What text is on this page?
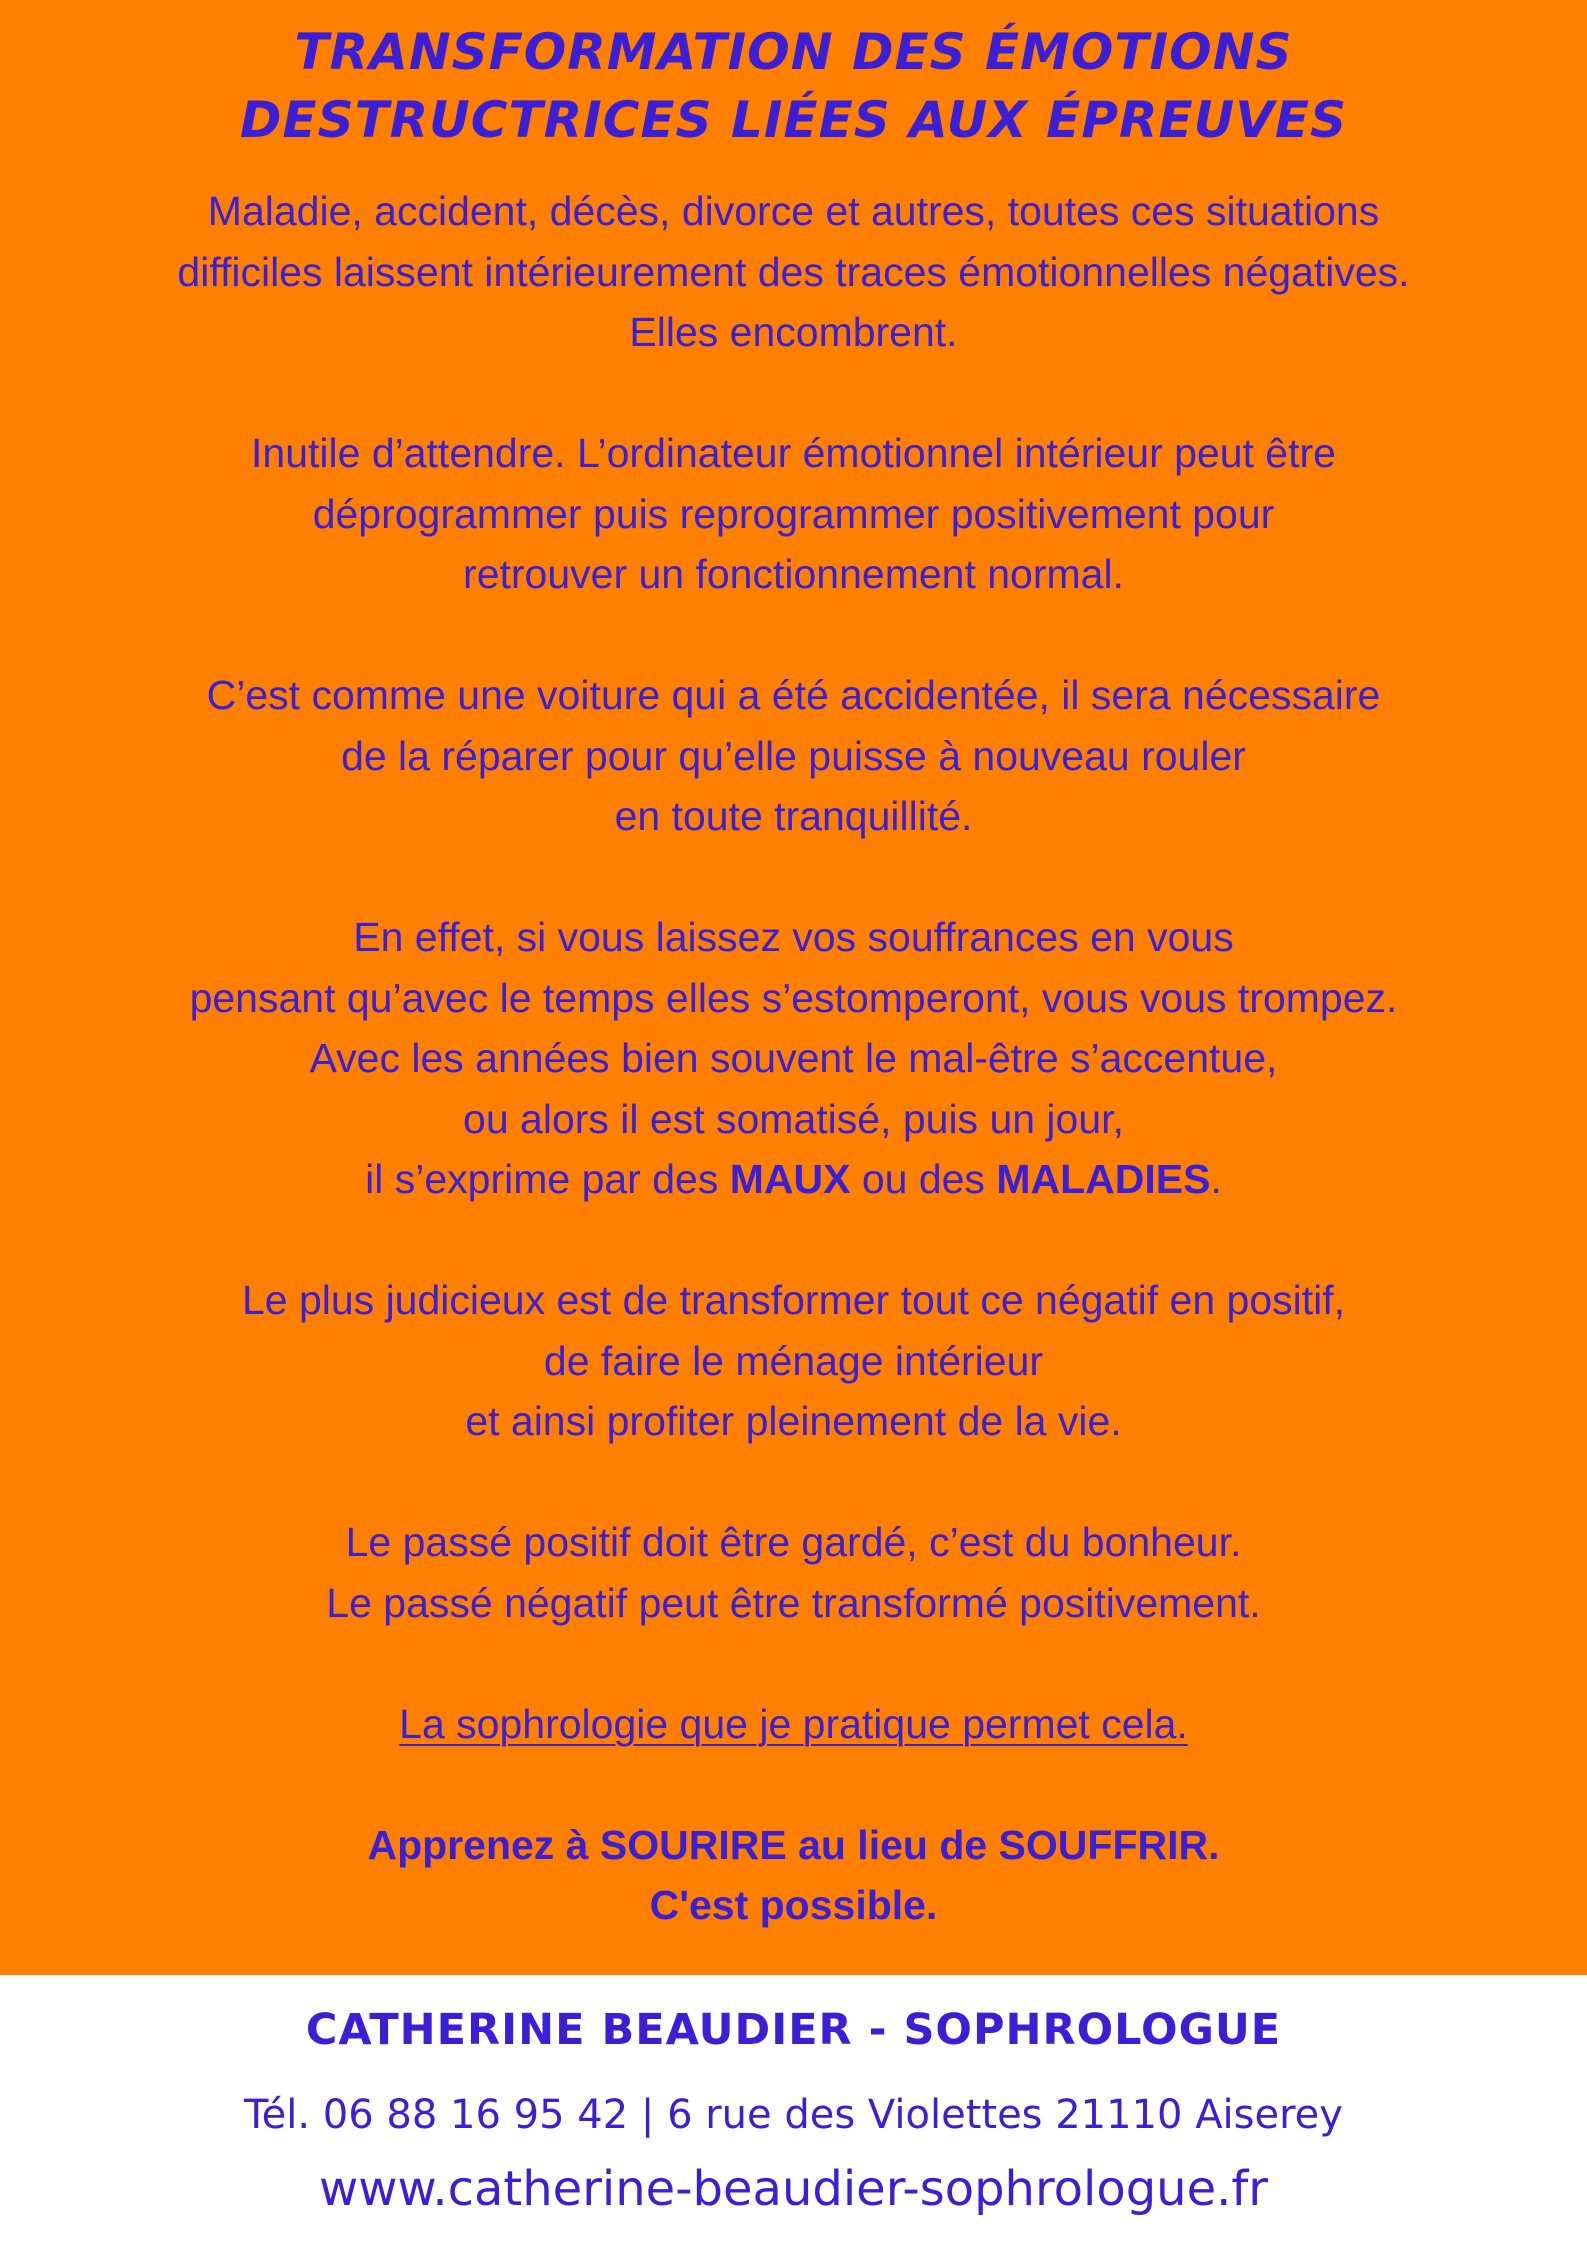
TRANSFORMATION DES ÉMOTIONS
DESTRUCTRICES LIÉES AUX ÉPREUVES
Maladie, accident, décès, divorce et autres, toutes ces situations
difficiles laissent intérieurement des traces émotionnelles négatives.
Elles encombrent.
Inutile d’attendre. L’ordinateur émotionnel intérieur peut être
déprogrammer puis reprogrammer positivement pour
retrouver un fonctionnement normal.
C’est comme une voiture qui a été accidentée, il sera nécessaire
de la réparer pour qu’elle puisse à nouveau rouler
en toute tranquillité.
En effet, si vous laissez vos souffrances en vous
pensant qu’avec le temps elles s’estomperont, vous vous trompez.
Avec les années bien souvent le mal-être s’accentue,
ou alors il est somatisé, puis un jour,
il s’exprime par des MAUX ou des MALADIES.
Le plus judicieux est de transformer tout ce négatif en positif,
de faire le ménage intérieur
et ainsi profiter pleinement de la vie.
Le passé positif doit être gardé, c’est du bonheur.
Le passé négatif peut être transformé positivement.
La sophrologie que je pratique permet cela.
Apprenez à SOURIRE au lieu de SOUFFRIR.
C'est possible.
CATHERINE BEAUDIER - SOPHROLOGUE
Tél. 06 88 16 95 42 | 6 rue des Violettes 21110 Aiserey
www.catherine-beaudier-sophrologue.fr
